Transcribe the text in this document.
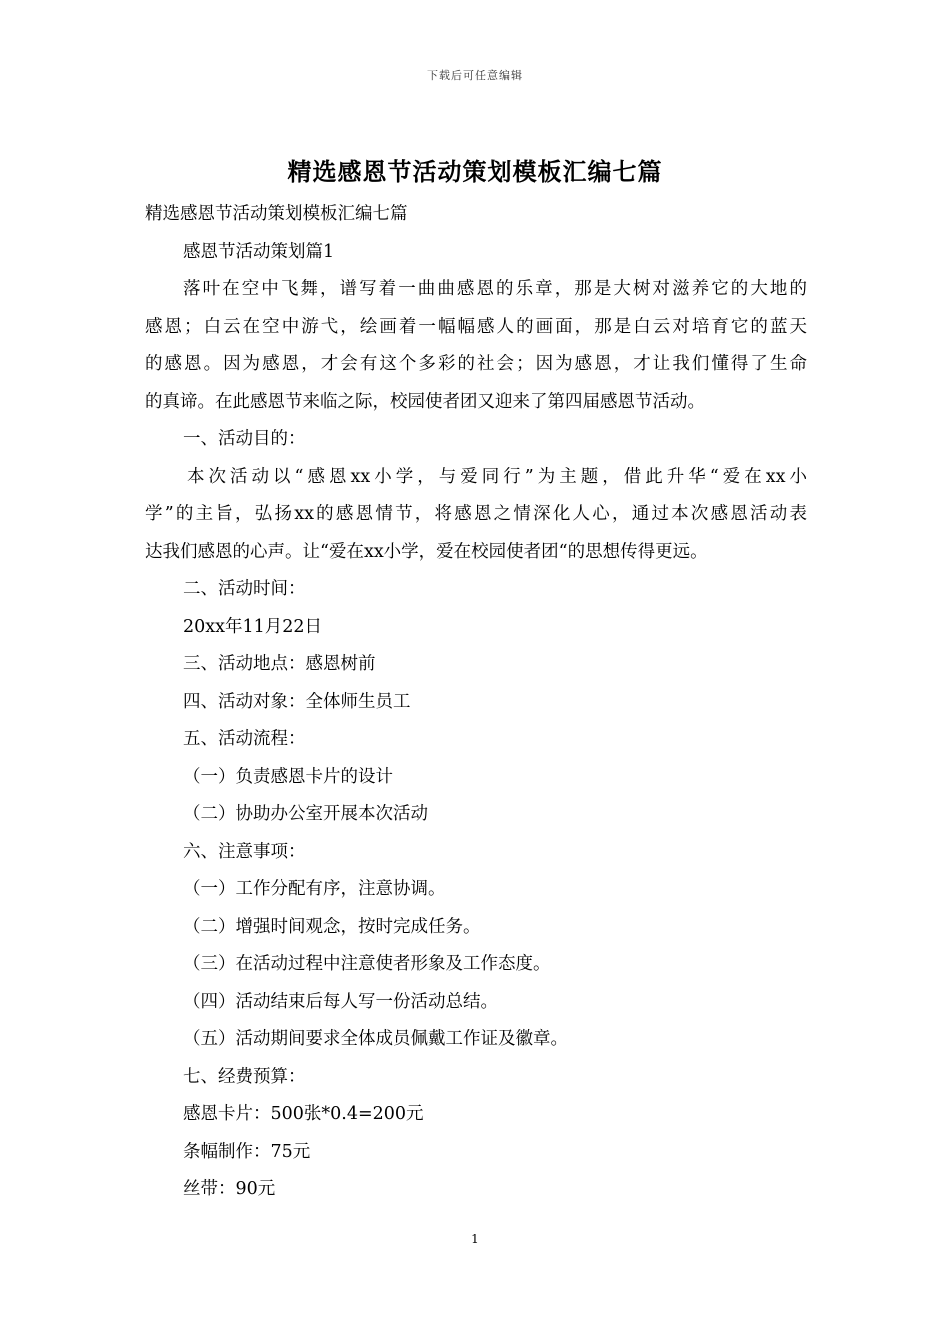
下载后可任意编辑
精选感恩节活动策划模板汇编七篇
精选感恩节活动策划模板汇编七篇
感恩节活动策划篇1
落叶在空中飞舞，谱写着一曲曲感恩的乐章，那是大树对滋养它的大地的
感恩；白云在空中游弋，绘画着一幅幅感人的画面，那是白云对培育它的蓝天
的感恩。因为感恩，才会有这个多彩的社会；因为感恩，才让我们懂得了生命
的真谛。在此感恩节来临之际，校园使者团又迎来了第四届感恩节活动。
一、活动目的：
本次活动以“感恩xx小学，与爱同行”为主题，借此升华“爱在xx小
学”的主旨，弘扬xx的感恩情节，将感恩之情深化人心，通过本次感恩活动表
达我们感恩的心声。让“爱在xx小学，爱在校园使者团“的思想传得更远。
二、活动时间：
20xx年11月22日
三、活动地点：感恩树前
四、活动对象：全体师生员工
五、活动流程：
（一）负责感恩卡片的设计
（二）协助办公室开展本次活动
六、注意事项：
（一）工作分配有序，注意协调。
（二）增强时间观念，按时完成任务。
（三）在活动过程中注意使者形象及工作态度。
（四）活动结束后每人写一份活动总结。
（五）活动期间要求全体成员佩戴工作证及徽章。
七、经费预算：
感恩卡片：500张*0.4=200元
条幅制作：75元
丝带：90元
1
